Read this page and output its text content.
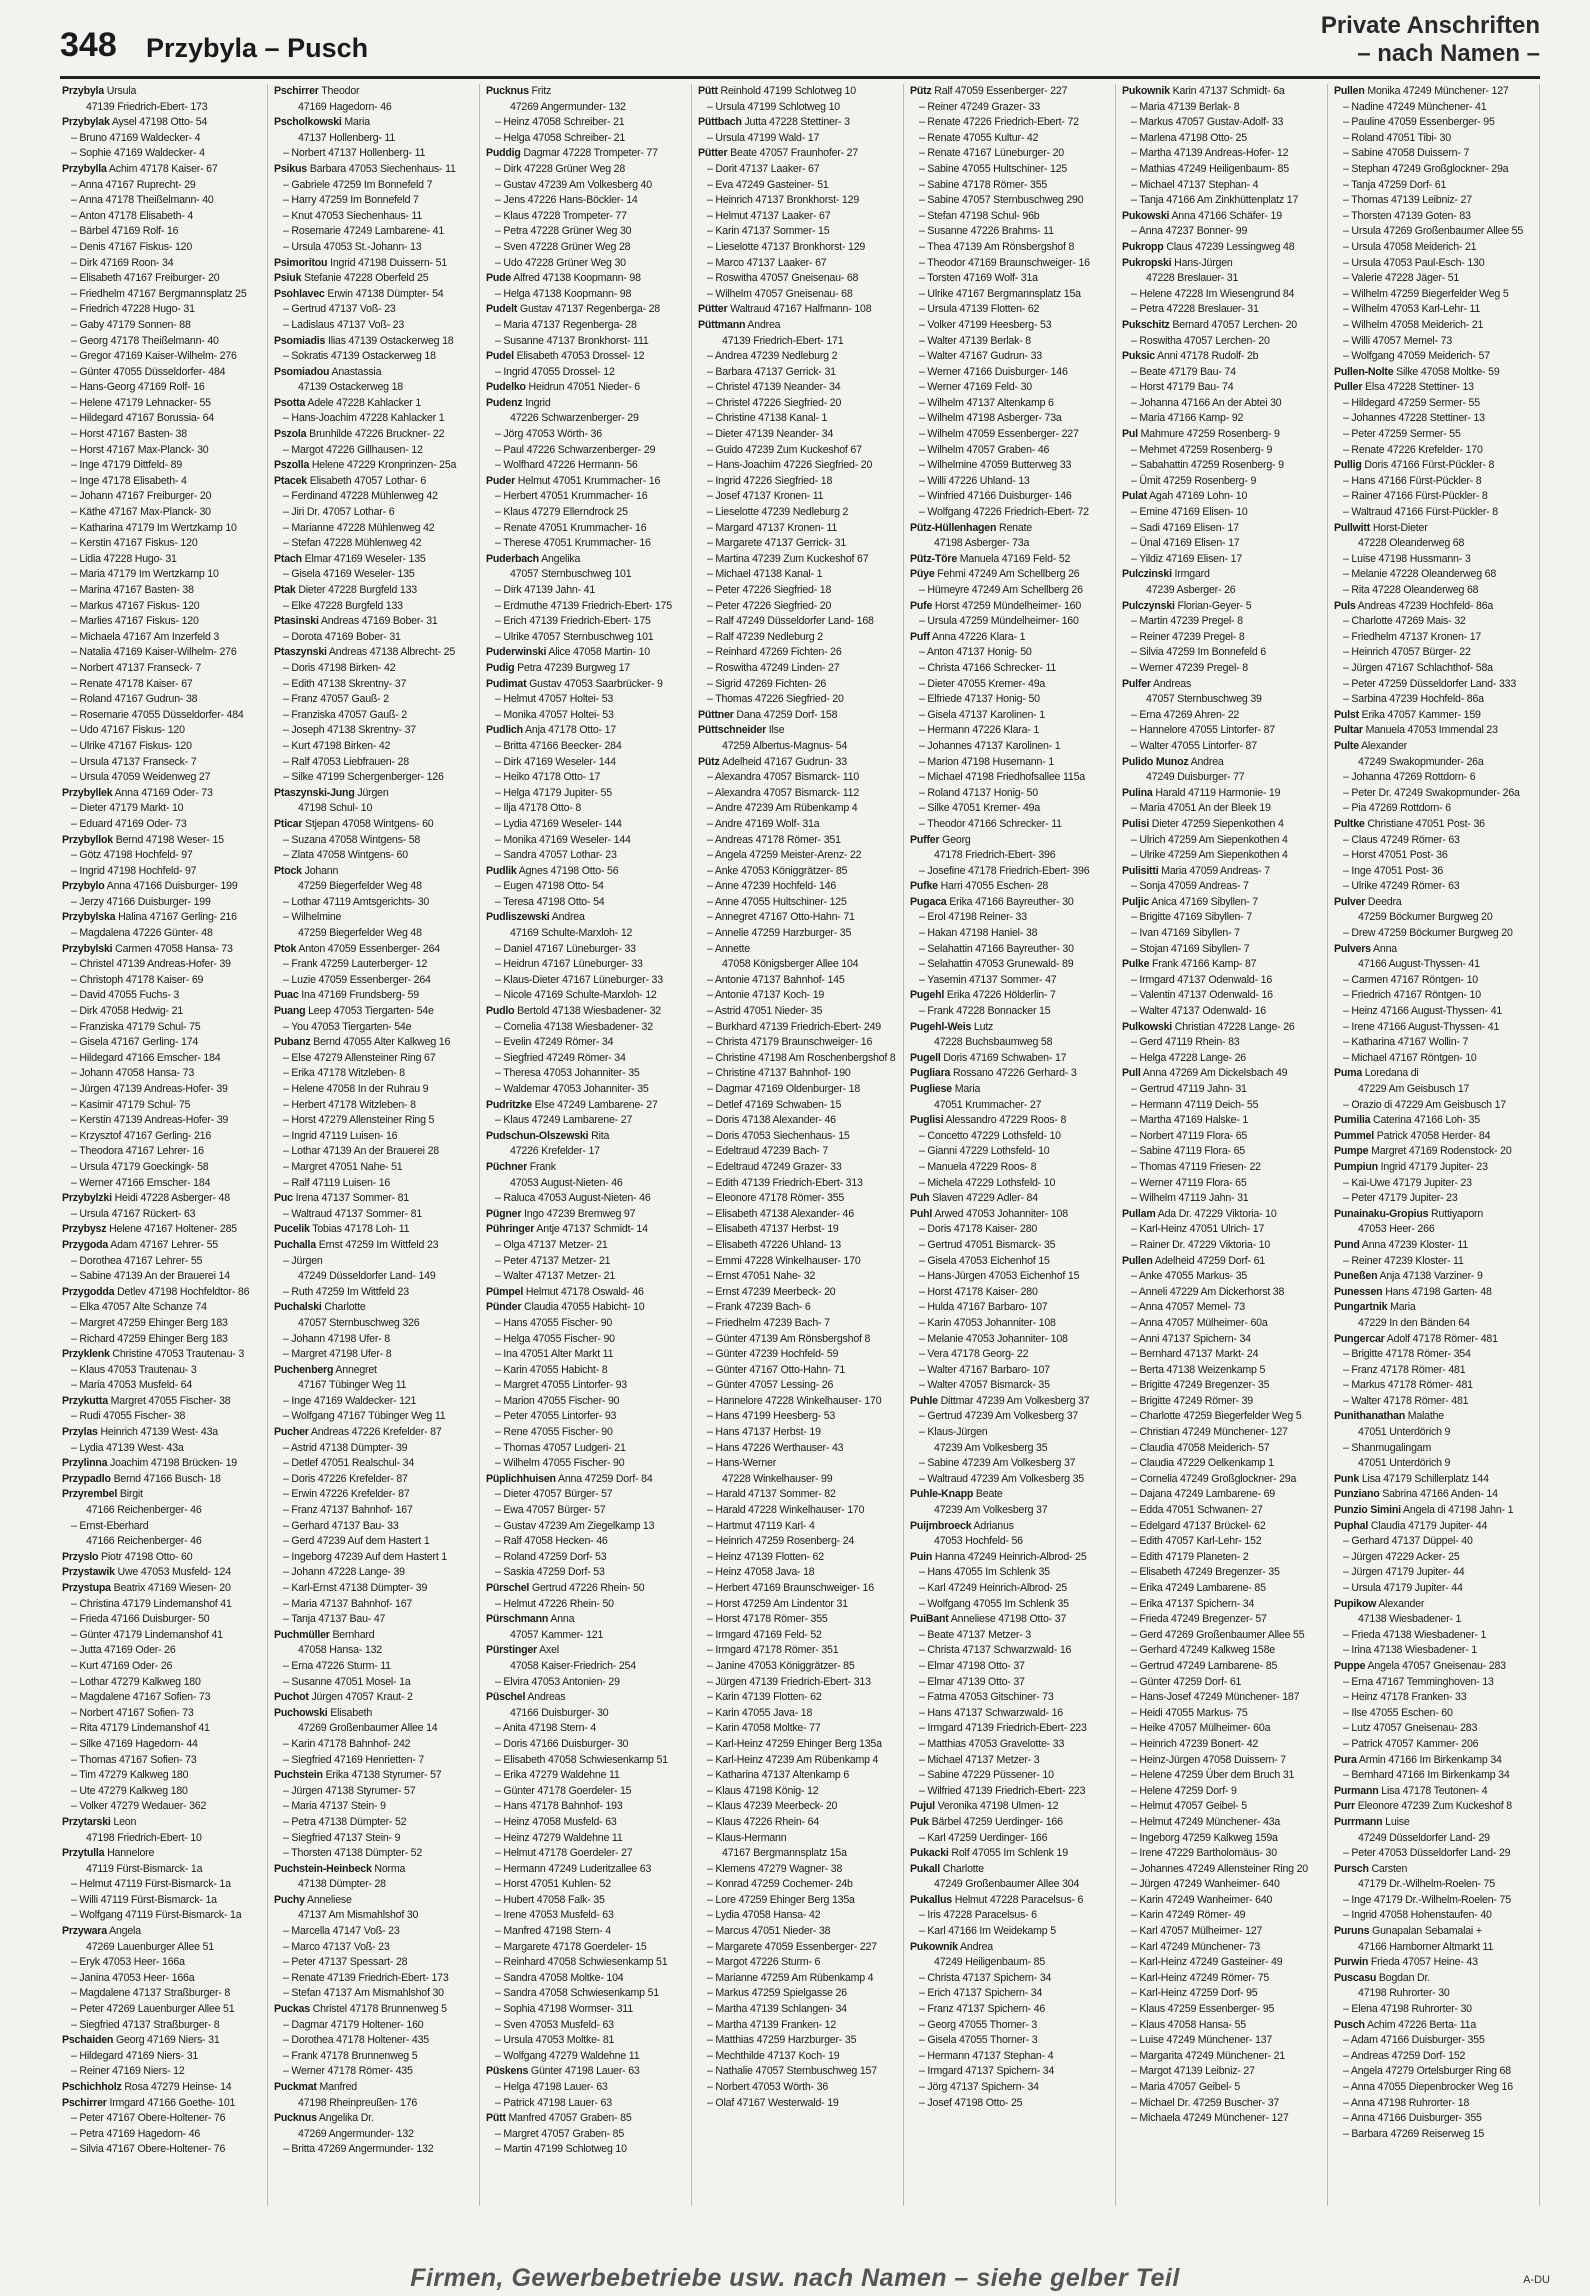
348 Przybyla – Pusch
Private Anschriften
– nach Namen –
Przybyla Ursula
47139 Friedrich-Ebert- 173
Przybylak Aysel 47198 Otto- 54
– Bruno 47169 Waldecker- 4
– Sophie 47169 Waldecker- 4
Przybylla Achim 47178 Kaiser- 67
– Anna 47167 Ruprecht- 29
– Anna 47178 Theißelmann- 40
– Anton 47178 Elisabeth- 4
– Bärbel 47169 Rolf- 16
– Denis 47167 Fiskus- 120
– Dirk 47169 Roon- 34
– Elisabeth 47167 Freiburger- 20
– Friedhelm 47167 Bergmannsplatz 25
– Friedrich 47228 Hugo- 31
– Gaby 47179 Sonnen- 88
– Georg 47178 Theißelmann- 40
– Gregor 47169 Kaiser-Wilhelm- 276
– Günter 47055 Düsseldorfer- 484
– Hans-Georg 47169 Rolf- 16
– Helene 47179 Lehnacker- 55
– Hildegard 47167 Borussia- 64
– Horst 47167 Basten- 38
– Horst 47167 Max-Planck- 30
– Inge 47179 Dittfeld- 89
– Inge 47178 Elisabeth- 4
– Johann 47167 Freiburger- 20
– Käthe 47167 Max-Planck- 30
– Katharina 47179 Im Wertzkamp 10
– Kerstin 47167 Fiskus- 120
– Lidia 47228 Hugo- 31
– Maria 47179 Im Wertzkamp 10
– Marina 47167 Basten- 38
– Markus 47167 Fiskus- 120
– Marlies 47167 Fiskus- 120
– Michaela 47167 Am Inzerfeld 3
– Natalia 47169 Kaiser-Wilhelm- 276
– Norbert 47137 Franseck- 7
– Renate 47178 Kaiser- 67
– Roland 47167 Gudrun- 38
– Rosemarie 47055 Düsseldorfer- 484
– Udo 47167 Fiskus- 120
– Ulrike 47167 Fiskus- 120
– Ursula 47137 Franseck- 7
– Ursula 47059 Weidenweg 27
Przybyllek Anna 47169 Oder- 73
– Dieter 47179 Markt- 10
– Eduard 47169 Oder- 73
Przybyllok Bernd 47198 Weser- 15
– Götz 47198 Hochfeld- 97
– Ingrid 47198 Hochfeld- 97
Przybylo Anna 47166 Duisburger- 199
– Jerzy 47166 Duisburger- 199
Przybylska Halina 47167 Gerling- 216
– Magdalena 47226 Günter- 48
Przybylski Carmen 47058 Hansa- 73
– Christel 47139 Andreas-Hofer- 39
– Christoph 47178 Kaiser- 69
– David 47055 Fuchs- 3
– Dirk 47058 Hedwig- 21
– Franziska 47179 Schul- 75
– Gisela 47167 Gerling- 174
– Hildegard 47166 Emscher- 184
– Johann 47058 Hansa- 73
– Jürgen 47139 Andreas-Hofer- 39
– Kasimir 47179 Schul- 75
– Kerstin 47139 Andreas-Hofer- 39
– Krzysztof 47167 Gerling- 216
– Theodora 47167 Lehrer- 16
– Ursula 47179 Goeckingk- 58
– Werner 47166 Emscher- 184
Przybylzki Heidi 47228 Asberger- 48
– Ursula 47167 Rückert- 63
Przybysz Helene 47167 Holtener- 285
Przygoda Adam 47167 Lehrer- 55
– Dorothea 47167 Lehrer- 55
– Sabine 47139 An der Brauerei 14
Przygodda Detlev 47198 Hochfeldtor- 86
– Elka 47057 Alte Schanze 74
– Margret 47259 Ehinger Berg 183
– Richard 47259 Ehinger Berg 183
Przyklenk Christine 47053 Trautenau- 3
– Klaus 47053 Trautenau- 3
– Maria 47053 Musfeld- 64
Przykutta Margret 47055 Fischer- 38
– Rudi 47055 Fischer- 38
Przylas Heinrich 47139 West- 43a
– Lydia 47139 West- 43a
Przylinna Joachim 47198 Brücken- 19
Przypadlo Bernd 47166 Busch- 18
Przyrembel Birgit
47166 Reichenberger- 46
– Ernst-Eberhard
47166 Reichenberger- 46
Przyslo Piotr 47198 Otto- 60
Przystawik Uwe 47053 Musfeld- 124
Przystupa Beatrix 47169 Wiesen- 20
– Christina 47179 Lindemanshof 41
– Frieda 47166 Duisburger- 50
– Günter 47179 Lindemanshof 41
– Jutta 47169 Oder- 26
– Kurt 47169 Oder- 26
– Lothar 47279 Kalkweg 180
– Magdalene 47167 Sofien- 73
– Norbert 47167 Sofien- 73
– Rita 47179 Lindemanshof 41
– Silke 47169 Hagedorn- 44
– Thomas 47167 Sofien- 73
– Tim 47279 Kalkweg 180
– Ute 47279 Kalkweg 180
– Volker 47279 Wedauer- 362
Przytarski Leon
47198 Friedrich-Ebert- 10
Przytulla Hannelore
47119 Fürst-Bismarck- 1a
– Helmut 47119 Fürst-Bismarck- 1a
– Willi 47119 Fürst-Bismarck- 1a
– Wolfgang 47119 Fürst-Bismarck- 1a
Przywara Angela
47269 Lauenburger Allee 51
– Eryk 47053 Heer- 166a
– Janina 47053 Heer- 166a
– Magdalene 47137 Straßburger- 8
– Peter 47269 Lauenburger Allee 51
– Siegfried 47137 Straßburger- 8
Pschaiden Georg 47169 Niers- 31
– Hildegard 47169 Niers- 31
– Reiner 47169 Niers- 12
Pschichholz Rosa 47279 Heinse- 14
Pschirrer Irmgard 47166 Goethe- 101
– Peter 47167 Obere-Holtener- 76
– Petra 47169 Hagedorn- 46
– Silvia 47167 Obere-Holtener- 76
Pschirrer Theodor
47169 Hagedorn- 46
Pscholkowski Maria
47137 Hollenberg- 11
– Norbert 47137 Hollenberg- 11
Psikus Barbara 47053 Siechenhaus- 11
– Gabriele 47259 Im Bonnefeld 7
– Harry 47259 Im Bonnefeld 7
– Knut 47053 Siechenhaus- 11
– Rosemarie 47249 Lambarene- 41
– Ursula 47053 St.-Johann- 13
Psimoritou Ingrid 47198 Duissern- 51
Psiuk Stefanie 47228 Oberfeld 25
Psohlavec Erwin 47138 Dümpter- 54
– Gertrud 47137 Voß- 23
– Ladislaus 47137 Voß- 23
Psomiadis Ilias 47139 Ostackerweg 18
– Sokratis 47139 Ostackerweg 18
Psomiadou Anastassia
47139 Ostackerweg 18
Psotta Adele 47228 Kahlacker 1
– Hans-Joachim 47228 Kahlacker 1
Pszola Brunhilde 47226 Bruckner- 22
– Margot 47226 Gillhausen- 12
Pszolla Helene 47229 Kronprinzen- 25a
Ptacek Elisabeth 47057 Lothar- 6
– Ferdinand 47228 Mühlenweg 42
– Jiri Dr. 47057 Lothar- 6
– Marianne 47228 Mühlenweg 42
– Stefan 47228 Mühlenweg 42
Ptach Elmar 47169 Weseler- 135
– Gisela 47169 Weseler- 135
Ptak Dieter 47228 Burgfeld 133
– Elke 47228 Burgfeld 133
Ptasinski Andreas 47169 Bober- 31
– Dorota 47169 Bober- 31
Ptaszynski Andreas 47138 Albrecht- 25
– Doris 47198 Birken- 42
– Edith 47138 Skrentny- 37
– Franz 47057 Gauß- 2
– Franziska 47057 Gauß- 2
– Joseph 47138 Skrentny- 37
– Kurt 47198 Birken- 42
– Ralf 47053 Liebfrauen- 28
– Silke 47199 Schergenberger- 126
Ptaszynski-Jung Jürgen
47198 Schul- 10
Pticar Stjepan 47058 Wintgens- 60
– Suzana 47058 Wintgens- 58
– Zlata 47058 Wintgens- 60
Ptock Johann
47259 Biegerfelder Weg 48
– Lothar 47119 Amtsgerichts- 30
– Wilhelmine
47259 Biegerfelder Weg 48
Ptok Anton 47059 Essenberger- 264
– Frank 47259 Lauterberger- 12
– Luzie 47059 Essenberger- 264
Puac Ina 47169 Frundsberg- 59
Puang Leep 47053 Tiergarten- 54e
– You 47053 Tiergarten- 54e
Pubanz Bernd 47055 Alter Kalkweg 16
– Else 47279 Allensteiner Ring 67
– Erika 47178 Witzleben- 8
– Helene 47058 In der Ruhrau 9
– Herbert 47178 Witzleben- 8
– Horst 47279 Allensteiner Ring 5
– Ingrid 47119 Luisen- 16
– Lothar 47139 An der Brauerei 28
– Margret 47051 Nahe- 51
– Ralf 47119 Luisen- 16
Puc Irena 47137 Sommer- 81
– Waltraud 47137 Sommer- 81
Pucelik Tobias 47178 Loh- 11
Puchalla Ernst 47259 Im Wittfeld 23
– Jürgen
47249 Düsseldorfer Land- 149
– Ruth 47259 Im Wittfeld 23
Puchalski Charlotte
47057 Sternbuschweg 326
– Johann 47198 Ufer- 8
– Margret 47198 Ufer- 8
Puchenberg Annegret
47167 Tübinger Weg 11
– Inge 47169 Waldecker- 121
– Wolfgang 47167 Tübinger Weg 11
Pucher Andreas 47226 Krefelder- 87
– Astrid 47138 Dümpter- 39
– Detlef 47051 Realschul- 34
– Doris 47226 Krefelder- 87
– Erwin 47226 Krefelder- 87
– Franz 47137 Bahnhof- 167
– Gerhard 47137 Bau- 33
– Gerd 47239 Auf dem Hastert 1
– Ingeborg 47239 Auf dem Hastert 1
– Johann 47228 Lange- 39
– Karl-Ernst 47138 Dümpter- 39
– Maria 47137 Bahnhof- 167
– Tanja 47137 Bau- 47
Puchmüller Bernhard
47058 Hansa- 132
– Erna 47226 Sturm- 11
– Susanne 47051 Mosel- 1a
Puchot Jürgen 47057 Kraut- 2
Puchowski Elisabeth
47269 Großenbaumer Allee 14
– Karin 47178 Bahnhof- 242
– Siegfried 47169 Henrietten- 7
Puchstein Erika 47138 Styrumer- 57
– Jürgen 47138 Styrumer- 57
– Maria 47137 Stein- 9
– Petra 47138 Dümpter- 52
– Siegfried 47137 Stein- 9
– Thorsten 47138 Dümpter- 52
Puchstein-Heinbeck Norma
47138 Dümpter- 28
Puchy Anneliese
47137 Am Mismahlshof 30
– Marcella 47147 Voß- 23
– Marco 47137 Voß- 23
– Peter 47137 Spessart- 28
– Renate 47139 Friedrich-Ebert- 173
– Stefan 47137 Am Mismahlshof 30
Puckas Christel 47178 Brunnenweg 5
– Dagmar 47179 Holtener- 160
– Dorothea 47178 Holtener- 435
– Frank 47178 Brunnenweg 5
– Werner 47178 Römer- 435
Puckmat Manfred
47198 Rheinpreußen- 176
Pucknus Angelika Dr.
47269 Angermunder- 132
– Britta 47269 Angermunder- 132
Pucknus Fritz
47269 Angermunder- 132
– Heinz 47058 Schreiber- 21
– Helga 47058 Schreiber- 21
Puddig Dagmar 47228 Trompeter- 77
– Dirk 47228 Grüner Weg 28
– Gustav 47239 Am Volkesberg 40
– Jens 47226 Hans-Böckler- 14
– Klaus 47228 Trompeter- 77
– Petra 47228 Grüner Weg 30
– Sven 47228 Grüner Weg 28
– Udo 47228 Grüner Weg 30
Pude Alfred 47138 Koopmann- 98
– Helga 47138 Koopmann- 98
Pudelt Gustav 47137 Regenberga- 28
– Maria 47137 Regenberga- 28
– Susanne 47137 Bronkhorst- 111
Pudel Elisabeth 47053 Drossel- 12
– Ingrid 47055 Drossel- 12
Pudelko Heidrun 47051 Nieder- 6
Pudenz Ingrid
47226 Schwarzenberger- 29
– Jörg 47053 Wörth- 36
– Paul 47226 Schwarzenberger- 29
– Wolfhard 47226 Hermann- 56
Puder Helmut 47051 Krummacher- 16
– Herbert 47051 Krummacher- 16
– Klaus 47279 Ellerndrock 25
– Renate 47051 Krummacher- 16
– Therese 47051 Krummacher- 16
Puderbach Angelika
47057 Sternbuschweg 101
– Dirk 47139 Jahn- 41
– Erdmuthe 47139 Friedrich-Ebert- 175
– Erich 47139 Friedrich-Ebert- 175
– Ulrike 47057 Sternbuschweg 101
Puderwinski Alice 47058 Martin- 10
Pudig Petra 47239 Burgweg 17
Pudimat Gustav 47053 Saarbrücker- 9
– Helmut 47057 Holtei- 53
– Monika 47057 Holtei- 53
Pudlich Anja 47178 Otto- 17
– Britta 47166 Beecker- 284
– Dirk 47169 Weseler- 144
– Heiko 47178 Otto- 17
– Helga 47179 Jupiter- 55
– Ilja 47178 Otto- 8
– Lydia 47169 Weseler- 144
– Monika 47169 Weseler- 144
– Sandra 47057 Lothar- 23
Pudlik Agnes 47198 Otto- 56
– Eugen 47198 Otto- 54
– Teresa 47198 Otto- 54
Pudliszewski Andrea
47169 Schulte-Marxloh- 12
– Daniel 47167 Lüneburger- 33
– Heidrun 47167 Lüneburger- 33
– Klaus-Dieter 47167 Lüneburger- 33
– Nicole 47169 Schulte-Marxloh- 12
Pudlo Bertold 47138 Wiesbadener- 32
– Cornelia 47138 Wiesbadener- 32
– Evelin 47249 Römer- 34
– Siegfried 47249 Römer- 34
– Theresa 47053 Johanniter- 35
– Waldemar 47053 Johanniter- 35
Pudritzke Else 47249 Lambarene- 27
– Klaus 47249 Lambarene- 27
Pudschun-Olszewski Rita
47226 Krefelder- 17
Püchner Frank
47053 August-Nieten- 46
– Raluca 47053 August-Nieten- 46
Pügner Ingo 47239 Bremweg 97
Pühringer Antje 47137 Schmidt- 14
– Olga 47137 Metzer- 21
– Peter 47137 Metzer- 21
– Walter 47137 Metzer- 21
Pümpel Helmut 47178 Oswald- 46
Pünder Claudia 47055 Habicht- 10
– Hans 47055 Fischer- 90
– Helga 47055 Fischer- 90
– Ina 47051 Alter Markt 11
– Karin 47055 Habicht- 8
– Margret 47055 Lintorfer- 93
– Marion 47055 Fischer- 90
– Peter 47055 Lintorfer- 93
– Rene 47055 Fischer- 90
– Thomas 47057 Ludgeri- 21
– Wilhelm 47055 Fischer- 90
Püplichhuisen Anna 47259 Dorf- 84
– Dieter 47057 Bürger- 57
– Ewa 47057 Bürger- 57
– Gustav 47239 Am Ziegelkamp 13
– Ralf 47058 Hecken- 46
– Roland 47259 Dorf- 53
– Saskia 47259 Dorf- 53
Pürschel Gertrud 47226 Rhein- 50
– Helmut 47226 Rhein- 50
Pürschmann Anna
47057 Kammer- 121
Pürstinger Axel
47058 Kaiser-Friedrich- 254
– Elvira 47053 Antonien- 29
Püschel Andreas
47166 Duisburger- 30
– Anita 47198 Stern- 4
– Doris 47166 Duisburger- 30
– Elisabeth 47058 Schwiesenkamp 51
– Erika 47279 Waldehne 11
– Günter 47178 Goerdeler- 15
– Hans 47178 Bahnhof- 193
– Heinz 47058 Musfeld- 63
– Heinz 47279 Waldehne 11
– Helmut 47178 Goerdeler- 27
– Hermann 47249 Luderitzallee 63
– Horst 47051 Kuhlen- 52
– Hubert 47058 Falk- 35
– Irene 47053 Musfeld- 63
– Manfred 47198 Stern- 4
– Margarete 47178 Goerdeler- 15
– Reinhard 47058 Schwiesenkamp 51
– Sandra 47058 Moltke- 104
– Sandra 47058 Schwiesenkamp 51
– Sophia 47198 Wormser- 311
– Sven 47053 Musfeld- 63
– Ursula 47053 Moltke- 81
– Wolfgang 47279 Waldehne 11
Püskens Günter 47198 Lauer- 63
– Helga 47198 Lauer- 63
– Patrick 47198 Lauer- 63
Pütt Manfred 47057 Graben- 85
– Margret 47057 Graben- 85
– Martin 47199 Schlotweg 10
Pütt Reinhold 47199 Schlotweg 10
– Ursula 47199 Schlotweg 10
Püttbach Jutta 47228 Stettiner- 3
– Ursula 47199 Wald- 17
Pütter Beate 47057 Fraunhofer- 27
– Dorit 47137 Laaker- 67
– Eva 47249 Gasteiner- 51
– Heinrich 47137 Bronkhorst- 129
– Helmut 47137 Laaker- 67
– Karin 47137 Sommer- 15
– Lieselotte 47137 Bronkhorst- 129
– Marco 47137 Laaker- 67
– Roswitha 47057 Gneisenau- 68
– Wilhelm 47057 Gneisenau- 68
Pütter Waltraud 47167 Halfmann- 108
Püttmann Andrea
47139 Friedrich-Ebert- 171
– Andrea 47239 Nedleburg 2
– Barbara 47137 Gerrick- 31
– Christel 47139 Neander- 34
– Christel 47226 Siegfried- 20
– Christine 47138 Kanal- 1
– Dieter 47139 Neander- 34
– Guido 47239 Zum Kuckeshof 67
– Hans-Joachim 47226 Siegfried- 20
– Ingrid 47226 Siegfried- 18
– Josef 47137 Kronen- 11
– Lieselotte 47239 Nedleburg 2
– Margard 47137 Kronen- 11
– Margarete 47137 Gerrick- 31
– Martina 47239 Zum Kuckeshof 67
– Michael 47138 Kanal- 1
– Peter 47226 Siegfried- 18
– Peter 47226 Siegfried- 20
– Ralf 47249 Düsseldorfer Land- 168
– Ralf 47239 Nedleburg 2
– Reinhard 47269 Fichten- 26
– Roswitha 47249 Linden- 27
– Sigrid 47269 Fichten- 26
– Thomas 47226 Siegfried- 20
Püttner Dana 47259 Dorf- 158
Püttschneider Ilse
47259 Albertus-Magnus- 54
Pütz Adelheid 47167 Gudrun- 33
– Alexandra 47057 Bismarck- 110
– Alexandra 47057 Bismarck- 112
– Andre 47239 Am Rübenkamp 4
– Andre 47169 Wolf- 31a
– Andreas 47178 Römer- 351
– Angela 47259 Meister-Arenz- 22
– Anke 47053 Königgrätzer- 85
– Anne 47239 Hochfeld- 146
– Anne 47055 Hultschiner- 125
– Annegret 47167 Otto-Hahn- 71
– Annelie 47259 Harzburger- 35
– Annette
47058 Königsberger Allee 104
– Antonie 47137 Bahnhof- 145
– Antonie 47137 Koch- 19
– Astrid 47051 Nieder- 35
– Burkhard 47139 Friedrich-Ebert- 249
– Christa 47179 Braunschweiger- 16
– Christine 47198 Am Roschenbergshof 8
– Christine 47137 Bahnhof- 190
– Dagmar 47169 Oldenburger- 18
– Detlef 47169 Schwaben- 15
– Doris 47138 Alexander- 46
– Doris 47053 Siechenhaus- 15
– Edeltraud 47239 Bach- 7
– Edeltraud 47249 Grazer- 33
– Edith 47139 Friedrich-Ebert- 313
– Eleonore 47178 Römer- 355
– Elisabeth 47138 Alexander- 46
– Elisabeth 47137 Herbst- 19
– Elisabeth 47226 Uhland- 13
– Emmi 47228 Winkelhauser- 170
– Ernst 47051 Nahe- 32
– Ernst 47239 Meerbeck- 20
– Frank 47239 Bach- 6
– Friedhelm 47239 Bach- 7
– Günter 47139 Am Rönsbergshof 8
– Günter 47239 Hochfeld- 59
– Günter 47167 Otto-Hahn- 71
– Günter 47057 Lessing- 26
– Hannelore 47228 Winkelhauser- 170
– Hans 47199 Heesberg- 53
– Hans 47137 Herbst- 19
– Hans 47226 Werthauser- 43
– Hans-Werner
47228 Winkelhauser- 99
– Harald 47137 Sommer- 82
– Harald 47228 Winkelhauser- 170
– Hartmut 47119 Karl- 4
– Heinrich 47259 Rosenberg- 24
– Heinz 47139 Flotten- 62
– Heinz 47058 Java- 18
– Herbert 47169 Braunschweiger- 16
– Horst 47259 Am Lindentor 31
– Horst 47178 Römer- 355
– Irmgard 47169 Feld- 52
– Irmgard 47178 Römer- 351
– Janine 47053 Königgrätzer- 85
– Jürgen 47139 Friedrich-Ebert- 313
– Karin 47139 Flotten- 62
– Karin 47055 Java- 18
– Karin 47058 Moltke- 77
– Karl-Heinz 47259 Ehinger Berg 135a
– Karl-Heinz 47239 Am Rübenkamp 4
– Katharina 47137 Altenkamp 6
– Klaus 47198 König- 12
– Klaus 47239 Meerbeck- 20
– Klaus 47226 Rhein- 64
– Klaus-Hermann
47167 Bergmannsplatz 15a
– Klemens 47279 Wagner- 38
– Konrad 47259 Cochemer- 24b
– Lore 47259 Ehinger Berg 135a
– Lydia 47058 Hansa- 42
– Marcus 47051 Nieder- 38
– Margarete 47059 Essenberger- 227
– Margot 47226 Sturm- 6
– Marianne 47259 Am Rübenkamp 4
– Markus 47259 Spielgasse 26
– Martha 47139 Schlangen- 34
– Martha 47139 Franken- 12
– Matthias 47259 Harzburger- 35
– Mechthilde 47137 Koch- 19
– Nathalie 47057 Sternbuschweg 157
– Norbert 47053 Wörth- 36
– Olaf 47167 Westerwald- 19
Pütz Ralf 47059 Essenberger- 227
– Reiner 47249 Grazer- 33
– Renate 47226 Friedrich-Ebert- 72
– Renate 47055 Kultur- 42
– Renate 47167 Lüneburger- 20
– Sabine 47055 Hultschiner- 125
– Sabine 47178 Römer- 355
– Sabine 47057 Sternbuschweg 290
– Stefan 47198 Schul- 96b
– Susanne 47226 Brahms- 11
– Thea 47139 Am Rönsbergshof 8
– Theodor 47169 Braunschweiger- 16
– Torsten 47169 Wolf- 31a
– Ulrike 47167 Bergmannsplatz 15a
– Ursula 47139 Flotten- 62
– Volker 47199 Heesberg- 53
– Walter 47139 Berlak- 8
– Walter 47167 Gudrun- 33
– Werner 47166 Duisburger- 146
– Werner 47169 Feld- 30
– Wilhelm 47137 Altenkamp 6
– Wilhelm 47198 Asberger- 73a
– Wilhelm 47059 Essenberger- 227
– Wilhelm 47057 Graben- 46
– Wilhelmine 47059 Butterweg 33
– Willi 47226 Uhland- 13
– Winfried 47166 Duisburger- 146
– Wolfgang 47226 Friedrich-Ebert- 72
Pütz-Hüllenhagen Renate
47198 Asberger- 73a
Pütz-Töre Manuela 47169 Feld- 52
Püye Fehmi 47249 Am Schellberg 26
– Hümeyre 47249 Am Schellberg 26
Pufe Horst 47259 Mündelheimer- 160
– Ursula 47259 Mündelheimer- 160
Puff Anna 47226 Klara- 1
– Anton 47137 Honig- 50
– Christa 47166 Schrecker- 11
– Dieter 47055 Kremer- 49a
– Elfriede 47137 Honig- 50
– Gisela 47137 Karolinen- 1
– Hermann 47226 Klara- 1
– Johannes 47137 Karolinen- 1
– Marion 47198 Husemann- 1
– Michael 47198 Friedhofsallee 115a
– Roland 47137 Honig- 50
– Silke 47051 Kremer- 49a
– Theodor 47166 Schrecker- 11
Puffer Georg
47178 Friedrich-Ebert- 396
– Josefine 47178 Friedrich-Ebert- 396
Pufke Harri 47055 Eschen- 28
Pugaca Erika 47166 Bayreuther- 30
– Erol 47198 Reiner- 33
– Hakan 47198 Haniel- 38
– Selahattin 47166 Bayreuther- 30
– Selahattin 47053 Grunewald- 89
– Yasemin 47137 Sommer- 47
Pugehl Erika 47226 Hölderlin- 7
– Frank 47228 Bonnacker 15
Pugehl-Weis Lutz
47228 Buchsbaumweg 58
Pugell Doris 47169 Schwaben- 17
Pugliara Rossano 47226 Gerhard- 3
Pugliese Maria
47051 Krummacher- 27
Puglisi Alessandro 47229 Roos- 8
– Concetto 47229 Lothsfeld- 10
– Gianni 47229 Lothsfeld- 10
– Manuela 47229 Roos- 8
– Michela 47229 Lothsfeld- 10
Puh Slaven 47229 Adler- 84
Puhl Arwed 47053 Johanniter- 108
– Doris 47178 Kaiser- 280
– Gertrud 47051 Bismarck- 35
– Gisela 47053 Eichenhof 15
– Hans-Jürgen 47053 Eichenhof 15
– Horst 47178 Kaiser- 280
– Hulda 47167 Barbaro- 107
– Karin 47053 Johanniter- 108
– Melanie 47053 Johanniter- 108
– Vera 47178 Georg- 22
– Walter 47167 Barbaro- 107
– Walter 47057 Bismarck- 35
Puhle Dittmar 47239 Am Volkesberg 37
– Gertrud 47239 Am Volkesberg 37
– Klaus-Jürgen
47239 Am Volkesberg 35
– Sabine 47239 Am Volkesberg 37
– Waltraud 47239 Am Volkesberg 35
Puhle-Knapp Beate
47239 Am Volkesberg 37
Puijmbroeck Adrianus
47053 Hochfeld- 56
Puin Hanna 47249 Heinrich-Albrod- 25
– Hans 47055 Im Schlenk 35
– Karl 47249 Heinrich-Albrod- 25
– Wolfgang 47055 Im Schlenk 35
PuiBant Anneliese 47198 Otto- 37
– Beate 47137 Metzer- 3
– Christa 47137 Schwarzwald- 16
– Elmar 47198 Otto- 37
– Elmar 47139 Otto- 37
– Fatma 47053 Gitschiner- 73
– Hans 47137 Schwarzwald- 16
– Irmgard 47139 Friedrich-Ebert- 223
– Matthias 47053 Gravelotte- 33
– Michael 47137 Metzer- 3
– Sabine 47229 Püssener- 10
– Wilfried 47139 Friedrich-Ebert- 223
Pujul Veronika 47198 Ulmen- 12
Puk Bärbel 47259 Uerdinger- 166
– Karl 47259 Uerdinger- 166
Pukacki Rolf 47055 Im Schlenk 19
Pukall Charlotte
47249 Großenbaumer Allee 304
Pukallus Helmut 47228 Paracelsus- 6
– Iris 47228 Paracelsus- 6
– Karl 47166 Im Weidekamp 5
Pukownik Andrea
47249 Heiligenbaum- 85
– Christa 47137 Spichern- 34
– Erich 47137 Spichern- 34
– Franz 47137 Spichern- 46
– Georg 47055 Thorner- 3
– Gisela 47055 Thorner- 3
– Hermann 47137 Stephan- 4
– Irmgard 47137 Spichern- 34
– Jörg 47137 Spichern- 34
– Josef 47198 Otto- 25
Pukownik Karin 47137 Schmidt- 6a
– Maria 47139 Berlak- 8
– Markus 47057 Gustav-Adolf- 33
– Marlena 47198 Otto- 25
– Martha 47139 Andreas-Hofer- 12
– Mathias 47249 Heiligenbaum- 85
– Michael 47137 Stephan- 4
– Tanja 47166 Am Zinkhüttenplatz 17
Pukowski Anna 47166 Schäfer- 19
– Anna 47237 Bonner- 99
Pukropp Claus 47239 Lessingweg 48
Pukropski Hans-Jürgen
47228 Breslauer- 31
– Helene 47228 Im Wiesengrund 84
– Petra 47228 Breslauer- 31
Pukschitz Bernard 47057 Lerchen- 20
– Roswitha 47057 Lerchen- 20
Puksic Anni 47178 Rudolf- 2b
– Beate 47179 Bau- 74
– Horst 47179 Bau- 74
– Johanna 47166 An der Abtei 30
– Maria 47166 Kamp- 92
Pul Mahmure 47259 Rosenberg- 9
– Mehmet 47259 Rosenberg- 9
– Sabahattin 47259 Rosenberg- 9
– Ümit 47259 Rosenberg- 9
Pulat Agah 47169 Lohn- 10
– Emine 47169 Elisen- 10
– Sadi 47169 Elisen- 17
– Ünal 47169 Elisen- 17
– Yildiz 47169 Elisen- 17
Pulczinski Irmgard
47239 Asberger- 26
Pulczynski Florian-Geyer- 5
– Martin 47239 Pregel- 8
– Reiner 47239 Pregel- 8
– Silvia 47259 Im Bonnefeld 6
– Werner 47239 Pregel- 8
Pulfer Andreas
47057 Sternbuschweg 39
– Erna 47269 Ahren- 22
– Hannelore 47055 Lintorfer- 87
– Walter 47055 Lintorfer- 87
Pulido Munoz Andrea
47249 Duisburger- 77
Pulina Harald 47119 Harmonie- 19
– Maria 47051 An der Bleek 19
Pulisi Dieter 47259 Siepenkothen 4
– Ulrich 47259 Am Siepenkothen 4
– Ulrike 47259 Am Siepenkothen 4
Pulisitti Maria 47059 Andreas- 7
– Sonja 47059 Andreas- 7
Puljic Anica 47169 Sibyllen- 7
– Brigitte 47169 Sibyllen- 7
– Ivan 47169 Sibyllen- 7
– Stojan 47169 Sibyllen- 7
Pulke Frank 47166 Kamp- 87
– Irmgard 47137 Odenwald- 16
– Valentin 47137 Odenwald- 16
– Walter 47137 Odenwald- 16
Pulkowski Christian 47228 Lange- 26
– Gerd 47119 Rhein- 83
– Helga 47228 Lange- 26
Pull Anna 47269 Am Dickelsbach 49
– Gertrud 47119 Jahn- 31
– Hermann 47119 Deich- 55
– Martha 47169 Halske- 1
– Norbert 47119 Flora- 65
– Sabine 47119 Flora- 65
– Thomas 47119 Friesen- 22
– Werner 47119 Flora- 65
– Wilhelm 47119 Jahn- 31
Pullam Ada Dr. 47229 Viktoria- 10
– Karl-Heinz 47051 Ulrich- 17
– Rainer Dr. 47229 Viktoria- 10
Pullen Adelheid 47259 Dorf- 61
– Anke 47055 Markus- 35
– Anneli 47229 Am Dickerhorst 38
– Anna 47057 Memel- 73
– Anna 47057 Mülheimer- 60a
– Anni 47137 Spichern- 34
– Bernhard 47137 Markt- 24
– Berta 47138 Weizenkamp 5
– Brigitte 47249 Bregenzer- 35
– Brigitte 47249 Römer- 39
– Charlotte 47259 Biegerfelder Weg 5
– Christian 47249 Münchener- 127
– Claudia 47058 Meiderich- 57
– Claudia 47229 Oelkenkamp 1
– Cornelia 47249 Großglockner- 29a
– Dajana 47249 Lambarene- 69
– Edda 47051 Schwanen- 27
– Edelgard 47137 Brückel- 62
– Edith 47057 Karl-Lehr- 152
– Edith 47179 Planeten- 2
– Elisabeth 47249 Bregenzer- 35
– Erika 47249 Lambarene- 85
– Erika 47137 Spichern- 34
– Frieda 47249 Bregenzer- 57
– Gerd 47269 Großenbaumer Allee 55
– Gerhard 47249 Kalkweg 158e
– Gertrud 47249 Lambarene- 85
– Günter 47259 Dorf- 61
– Hans-Josef 47249 Münchener- 187
– Heidi 47055 Markus- 75
– Heike 47057 Mülheimer- 60a
– Heinrich 47239 Bonert- 42
– Heinz-Jürgen 47058 Duissern- 7
– Helene 47259 Über dem Bruch 31
– Helene 47259 Dorf- 9
– Helmut 47057 Geibel- 5
– Helmut 47249 Münchener- 43a
– Ingeborg 47259 Kalkweg 159a
– Irene 47229 Bartholomäus- 30
– Johannes 47249 Allensteiner Ring 20
– Jürgen 47249 Wanheimer- 640
– Karin 47249 Wanheimer- 640
– Karin 47249 Römer- 49
– Karl 47057 Mülheimer- 127
– Karl 47249 Münchener- 73
– Karl-Heinz 47249 Gasteiner- 49
– Karl-Heinz 47249 Römer- 75
– Karl-Heinz 47259 Dorf- 95
– Klaus 47259 Essenberger- 95
– Klaus 47058 Hansa- 55
– Luise 47249 Münchener- 137
– Margarita 47249 Münchener- 21
– Margot 47139 Leibniz- 27
– Maria 47057 Geibel- 5
– Michael Dr. 47259 Buscher- 37
– Michaela 47249 Münchener- 127
Pullen Monika 47249 Münchener- 127
– Nadine 47249 Münchener- 41
– Pauline 47059 Essenberger- 95
– Roland 47051 Tibi- 30
– Sabine 47058 Duissern- 7
– Stephan 47249 Großglockner- 29a
– Tanja 47259 Dorf- 61
– Thomas 47139 Leibniz- 27
– Thorsten 47139 Goten- 83
– Ursula 47269 Großenbaumer Allee 55
– Ursula 47058 Meiderich- 21
– Ursula 47053 Paul-Esch- 130
– Valerie 47228 Jäger- 51
– Wilhelm 47259 Biegerfelder Weg 5
– Wilhelm 47053 Karl-Lehr- 11
– Wilhelm 47058 Meiderich- 21
– Willi 47057 Memel- 73
– Wolfgang 47059 Meiderich- 57
Pullen-Nolte Silke 47058 Moltke- 59
Puller Elsa 47228 Stettiner- 13
– Hildegard 47259 Sermer- 55
– Johannes 47228 Stettiner- 13
– Peter 47259 Sermer- 55
– Renate 47226 Krefelder- 170
Pullig Doris 47166 Fürst-Pückler- 8
– Hans 47166 Fürst-Pückler- 8
– Rainer 47166 Fürst-Pückler- 8
– Waltraud 47166 Fürst-Pückler- 8
Pullwitt Horst-Dieter
47228 Oleanderweg 68
– Luise 47198 Hussmann- 3
– Melanie 47228 Oleanderweg 68
– Rita 47228 Oleanderweg 68
Puls Andreas 47239 Hochfeld- 86a
– Charlotte 47269 Mais- 32
– Friedhelm 47137 Kronen- 17
– Heinrich 47057 Bürger- 22
– Jürgen 47167 Schlachthof- 58a
– Peter 47259 Düsseldorfer Land- 333
– Sarbina 47239 Hochfeld- 86a
Pulst Erika 47057 Kammer- 159
Pultar Manuela 47053 Immendal 23
Pulte Alexander
47249 Swakopmunder- 26a
– Johanna 47269 Rottdorn- 6
– Peter Dr. 47249 Swakopmunder- 26a
– Pia 47269 Rottdorn- 6
Pultke Christiane 47051 Post- 36
– Claus 47249 Römer- 63
– Horst 47051 Post- 36
– Inge 47051 Post- 36
– Ulrike 47249 Römer- 63
Pulver Deedra
47259 Böckumer Burgweg 20
– Drew 47259 Böckumer Burgweg 20
Pulvers Anna
47166 August-Thyssen- 41
– Carmen 47167 Röntgen- 10
– Friedrich 47167 Röntgen- 10
– Heinz 47166 August-Thyssen- 41
– Irene 47166 August-Thyssen- 41
– Katharina 47167 Wollin- 7
– Michael 47167 Röntgen- 10
Puma Loredana di
47229 Am Geisbusch 17
– Orazio di 47229 Am Geisbusch 17
Pumilia Caterina 47166 Loh- 35
Pummel Patrick 47058 Herder- 84
Pumpe Margret 47169 Rodenstock- 20
Pumpiun Ingrid 47179 Jupiter- 23
– Kai-Uwe 47179 Jupiter- 23
– Peter 47179 Jupiter- 23
Punainaku-Gropius Ruttiyaporn
47053 Heer- 266
Pund Anna 47239 Kloster- 11
– Reiner 47239 Kloster- 11
Puneßen Anja 47138 Varziner- 9
Punessen Hans 47198 Garten- 48
Pungartnik Maria
47229 In den Bänden 64
Pungercar Adolf 47178 Römer- 481
– Brigitte 47178 Römer- 354
– Franz 47178 Römer- 481
– Markus 47178 Römer- 481
– Walter 47178 Römer- 481
Punithanathan Malathe
47051 Unterdörich 9
– Shanmugalingam
47051 Unterdörich 9
Punk Lisa 47179 Schillerplatz 144
Punziano Sabrina 47166 Anden- 14
Punzio Simini Angela di 47198 Jahn- 1
Puphal Claudia 47179 Jupiter- 44
– Gerhard 47137 Düppel- 40
– Jürgen 47229 Acker- 25
– Jürgen 47179 Jupiter- 44
– Ursula 47179 Jupiter- 44
Pupikow Alexander
47138 Wiesbadener- 1
– Frieda 47138 Wiesbadener- 1
– Irina 47138 Wiesbadener- 1
Puppe Angela 47057 Gneisenau- 283
– Erna 47167 Temminghoven- 13
– Heinz 47178 Franken- 33
– Ilse 47055 Eschen- 60
– Lutz 47057 Gneisenau- 283
– Patrick 47057 Kammer- 206
Pura Armin 47166 Im Birkenkamp 34
– Bernhard 47166 Im Birkenkamp 34
Purmann Lisa 47178 Teutonen- 4
Purr Eleonore 47239 Zum Kuckeshof 8
Purrmann Luise
47249 Düsseldorfer Land- 29
– Peter 47053 Düsseldorfer Land- 29
Pursch Carsten
47179 Dr.-Wilhelm-Roelen- 75
– Inge 47179 Dr.-Wilhelm-Roelen- 75
– Ingrid 47058 Hohenstaufen- 40
Puruns Gunapalan Sebamalai +
47166 Hamborner Altmarkt 11
Purwin Frieda 47057 Heine- 43
Puscasu Bogdan Dr.
47198 Ruhrorter- 30
– Elena 47198 Ruhrorter- 30
Pusch Achim 47226 Berta- 11a
– Adam 47166 Duisburger- 355
– Andreas 47259 Dorf- 152
– Angela 47279 Ortelsburger Ring 68
– Anna 47055 Diepenbrocker Weg 16
– Anna 47198 Ruhrorter- 18
– Anna 47166 Duisburger- 355
– Barbara 47269 Reiserweg 15
Firmen, Gewerbebetriebe usw. nach Namen – siehe gelber Teil	A-DU
